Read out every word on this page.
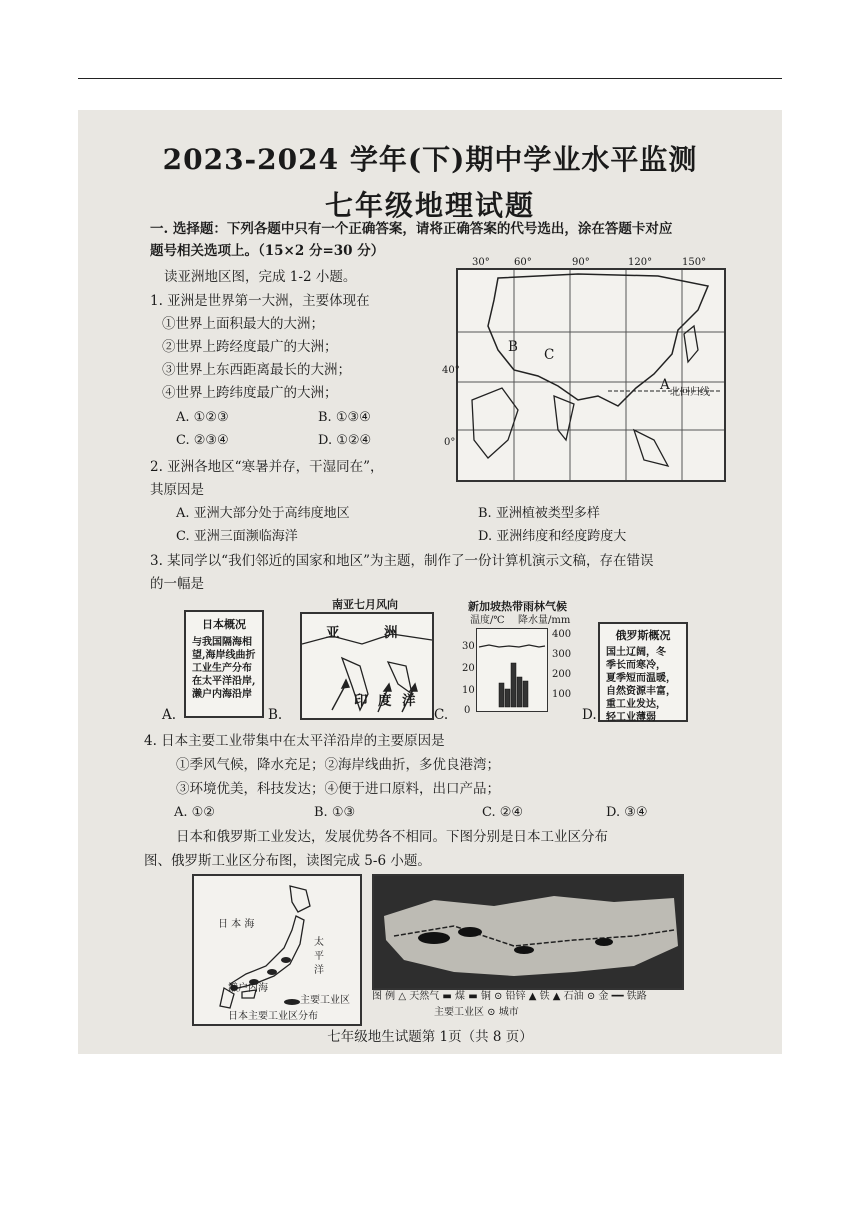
2023-2024 学年(下)期中学业水平监测
七年级地理试题
一. 选择题：下列各题中只有一个正确答案，请将正确答案的代号选出，涂在答题卡对应
题号相关选项上。（15×2 分=30 分）
读亚洲地区图，完成 1-2 小题。
1. 亚洲是世界第一大洲，主要体现在
①世界上面积最大的大洲；
②世界上跨经度最广的大洲；
③世界上东西距离最长的大洲；
④世界上跨纬度最广的大洲；
A. ①②③	B. ①③④
C. ②③④	D. ①②④
30° 60°	90°	120°	150°
40°
0°
B C
A 北回归线
2. 亚洲各地区“寒暑并存，干湿同在”，
其原因是
A. 亚洲大部分处于高纬度地区	B. 亚洲植被类型多样
C. 亚洲三面濒临海洋	D. 亚洲纬度和经度跨度大
3. 某同学以“我们邻近的国家和地区”为主题，制作了一份计算机演示文稿，存在错误
的一幅是
日本概况
与我国隔海相
望,海岸线曲折
工业生产分布
在太平洋沿岸,
濑户内海沿岸
A.
南亚七月风向
亚	洲
印 度 洋
B.
新加坡热带雨林气候
温度/℃ 降水量/mm
400
300
200
100
30
20
10
0
C.
俄罗斯概况
国土辽阔，冬
季长而寒冷，
夏季短而温暖，
自然资源丰富，
重工业发达，
轻工业薄弱
D.
4. 日本主要工业带集中在太平洋沿岸的主要原因是
①季风气候，降水充足；②海岸线曲折，多优良港湾；
③环境优美，科技发达；④便于进口原料，出口产品；
A. ①②	B. ①③	C. ②④	D. ③④
日本和俄罗斯工业发达，发展优势各不相同。下图分别是日本工业区分布
图、俄罗斯工业区分布图，读图完成 5-6 小题。
日 本 海
太
平
洋
濑户内海
主要工业区
日本主要工业区分布
图 例 △ 天然气 ▬ 煤 ▬ 铜 ⊙ 铅锌 ▲ 铁 ▲ 石油 ⊙ 金 ━━ 铁路
主要工业区 ⊙ 城市
七年级地生试题第 1页（共 8 页）
